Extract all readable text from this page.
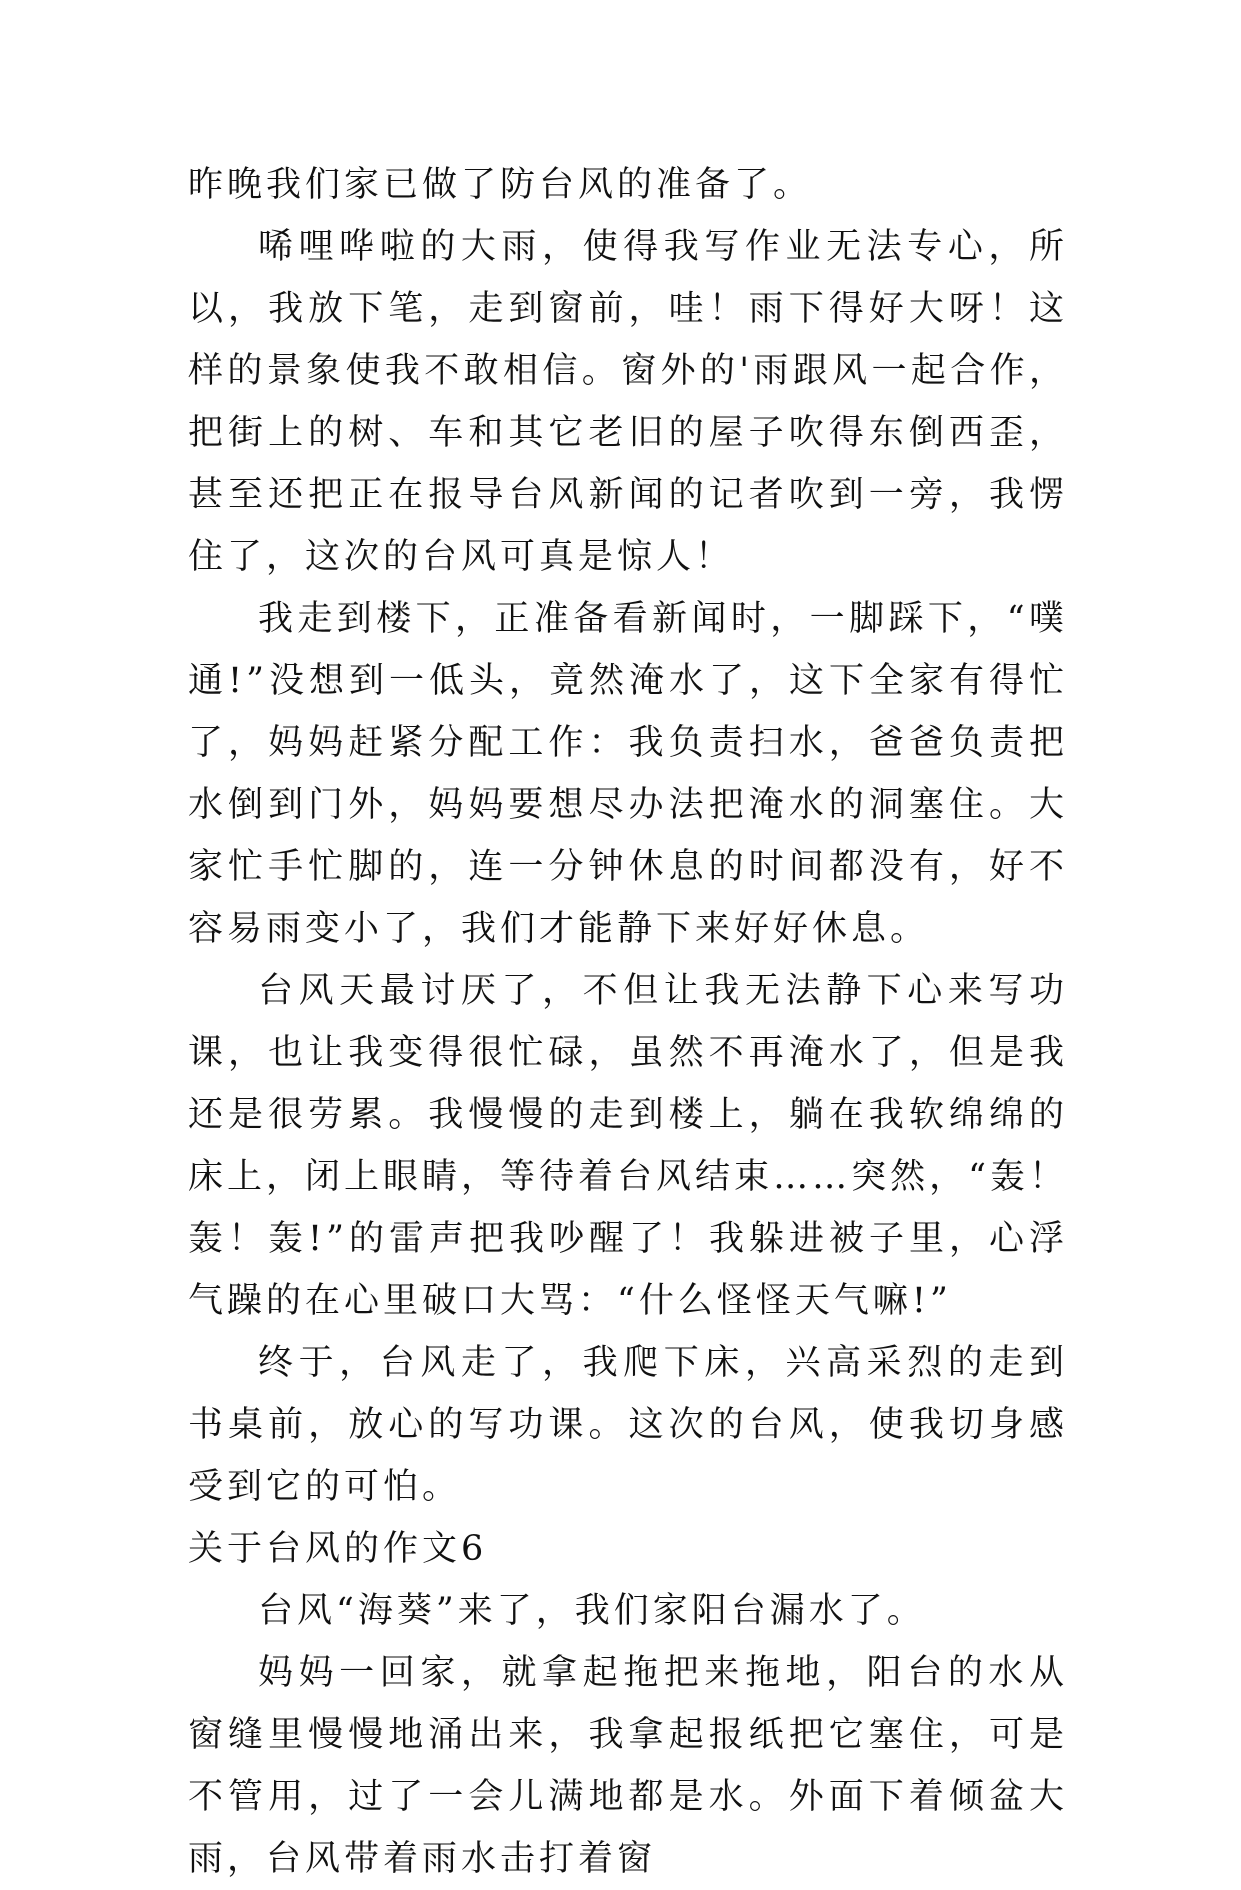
昨晚我们家已做了防台风的准备了。

唏哩哗啦的大雨，使得我写作业无法专心，所以，我放下笔，走到窗前，哇！雨下得好大呀！这样的景象使我不敢相信。窗外的'雨跟风一起合作，把街上的树、车和其它老旧的屋子吹得东倒西歪，甚至还把正在报导台风新闻的记者吹到一旁，我愣住了，这次的台风可真是惊人！

我走到楼下，正准备看新闻时，一脚踩下，“噗通!”没想到一低头，竟然淹水了，这下全家有得忙了，妈妈赶紧分配工作：我负责扫水，爸爸负责把水倒到门外，妈妈要想尽办法把淹水的洞塞住。大家忙手忙脚的，连一分钟休息的时间都没有，好不容易雨变小了，我们才能静下来好好休息。

台风天最讨厌了，不但让我无法静下心来写功课，也让我变得很忙碌，虽然不再淹水了，但是我还是很劳累。我慢慢的走到楼上，躺在我软绵绵的床上，闭上眼睛，等待着台风结束……突然，“轰！轰！轰!”的雷声把我吵醒了！我躲进被子里，心浮气躁的在心里破口大骂：“什么怪怪天气嘛!”

终于，台风走了，我爬下床，兴高采烈的走到书桌前，放心的写功课。这次的台风，使我切身感受到它的可怕。

关于台风的作文6

台风“海葵”来了，我们家阳台漏水了。

妈妈一回家，就拿起拖把来拖地，阳台的水从窗缝里慢慢地涌出来，我拿起报纸把它塞住，可是不管用，过了一会儿满地都是水。外面下着倾盆大雨，台风带着雨水击打着窗
